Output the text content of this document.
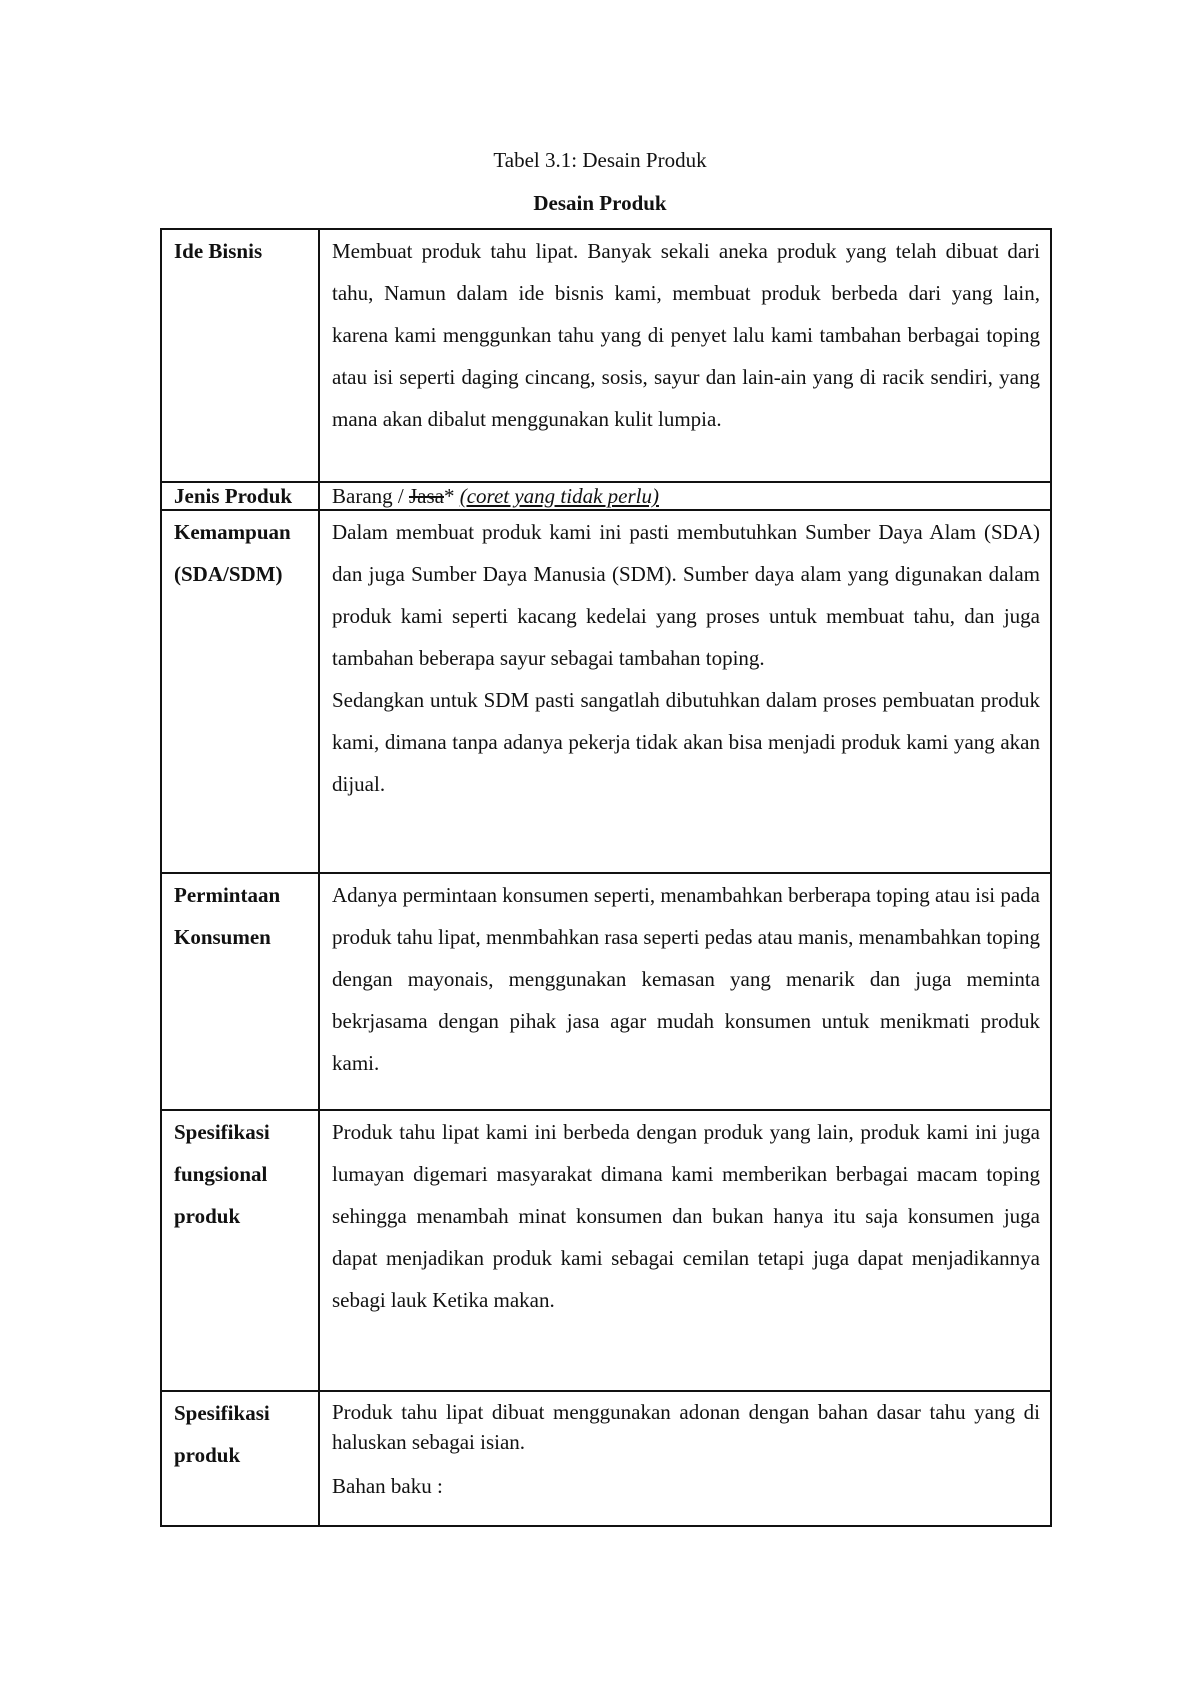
Tabel 3.1: Desain Produk
Desain Produk
Ide Bisnis	Membuat produk tahu lipat. Banyak sekali aneka produk yang telah dibuat dari tahu, Namun dalam ide bisnis kami, membuat produk berbeda dari yang lain, karena kami menggunkan tahu yang di penyet lalu kami tambahan berbagai toping atau isi seperti daging cincang, sosis, sayur dan lain-ain yang di racik sendiri, yang mana akan dibalut menggunakan kulit lumpia.

Jenis Produk	Barang / Jasa* (coret yang tidak perlu)
Kemampuan (SDA/SDM)	Dalam membuat produk kami ini pasti membutuhkan Sumber Daya Alam (SDA) dan juga Sumber Daya Manusia (SDM). Sumber daya alam yang digunakan dalam produk kami seperti kacang kedelai yang proses untuk membuat tahu, dan juga tambahan beberapa sayur sebagai tambahan toping.

Sedangkan untuk SDM pasti sangatlah dibutuhkan dalam proses pembuatan produk kami, dimana tanpa adanya pekerja tidak akan bisa menjadi produk kami yang akan dijual.

Permintaan Konsumen	Adanya permintaan konsumen seperti, menambahkan berberapa toping atau isi pada produk tahu lipat, menmbahkan rasa seperti pedas atau manis, menambahkan toping dengan mayonais, menggunakan kemasan yang menarik dan juga meminta bekrjasama dengan pihak jasa agar mudah konsumen untuk menikmati produk kami.

Spesifikasi fungsional produk	Produk tahu lipat kami ini berbeda dengan produk yang lain, produk kami ini juga lumayan digemari masyarakat dimana kami memberikan berbagai macam toping sehingga menambah minat konsumen dan bukan hanya itu saja konsumen juga dapat menjadikan produk kami sebagai cemilan tetapi juga dapat menjadikannya sebagi lauk Ketika makan.

Spesifikasi produk	Produk tahu lipat dibuat menggunakan adonan dengan bahan dasar tahu yang di haluskan sebagai isian.

Bahan baku :
